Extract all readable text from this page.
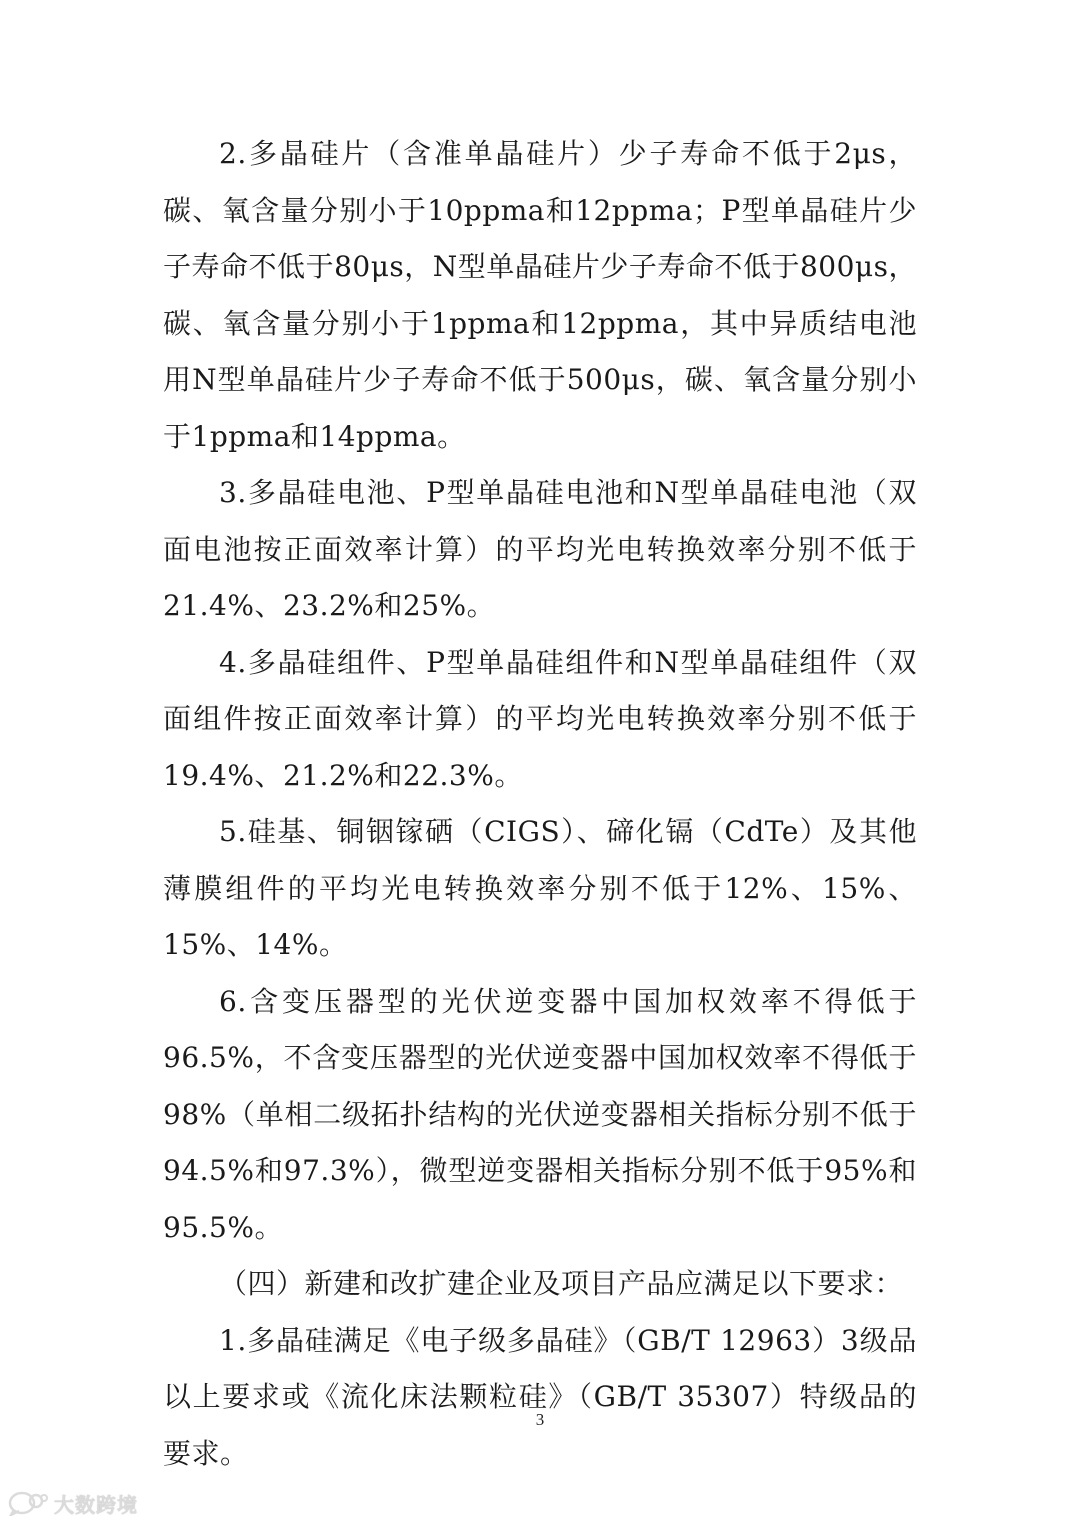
2.多晶硅片（含准单晶硅片）少子寿命不低于2μs，碳、氧含量分别小于10ppma和12ppma；P型单晶硅片少子寿命不低于80μs，N型单晶硅片少子寿命不低于800μs，碳、氧含量分别小于1ppma和12ppma，其中异质结电池用N型单晶硅片少子寿命不低于500μs，碳、氧含量分别小于1ppma和14ppma。

3.多晶硅电池、P型单晶硅电池和N型单晶硅电池（双面电池按正面效率计算）的平均光电转换效率分别不低于21.4%、23.2%和25%。

4.多晶硅组件、P型单晶硅组件和N型单晶硅组件（双面组件按正面效率计算）的平均光电转换效率分别不低于19.4%、21.2%和22.3%。

5.硅基、铜铟镓硒（CIGS）、碲化镉（CdTe）及其他薄膜组件的平均光电转换效率分别不低于12%、15%、15%、14%。

6.含变压器型的光伏逆变器中国加权效率不得低于96.5%，不含变压器型的光伏逆变器中国加权效率不得低于98%（单相二级拓扑结构的光伏逆变器相关指标分别不低于94.5%和97.3%），微型逆变器相关指标分别不低于95%和95.5%。

（四）新建和改扩建企业及项目产品应满足以下要求：

1.多晶硅满足《电子级多晶硅》（GB/T 12963）3级品以上要求或《流化床法颗粒硅》（GB/T 35307）特级品的要求。

3
大数跨境
